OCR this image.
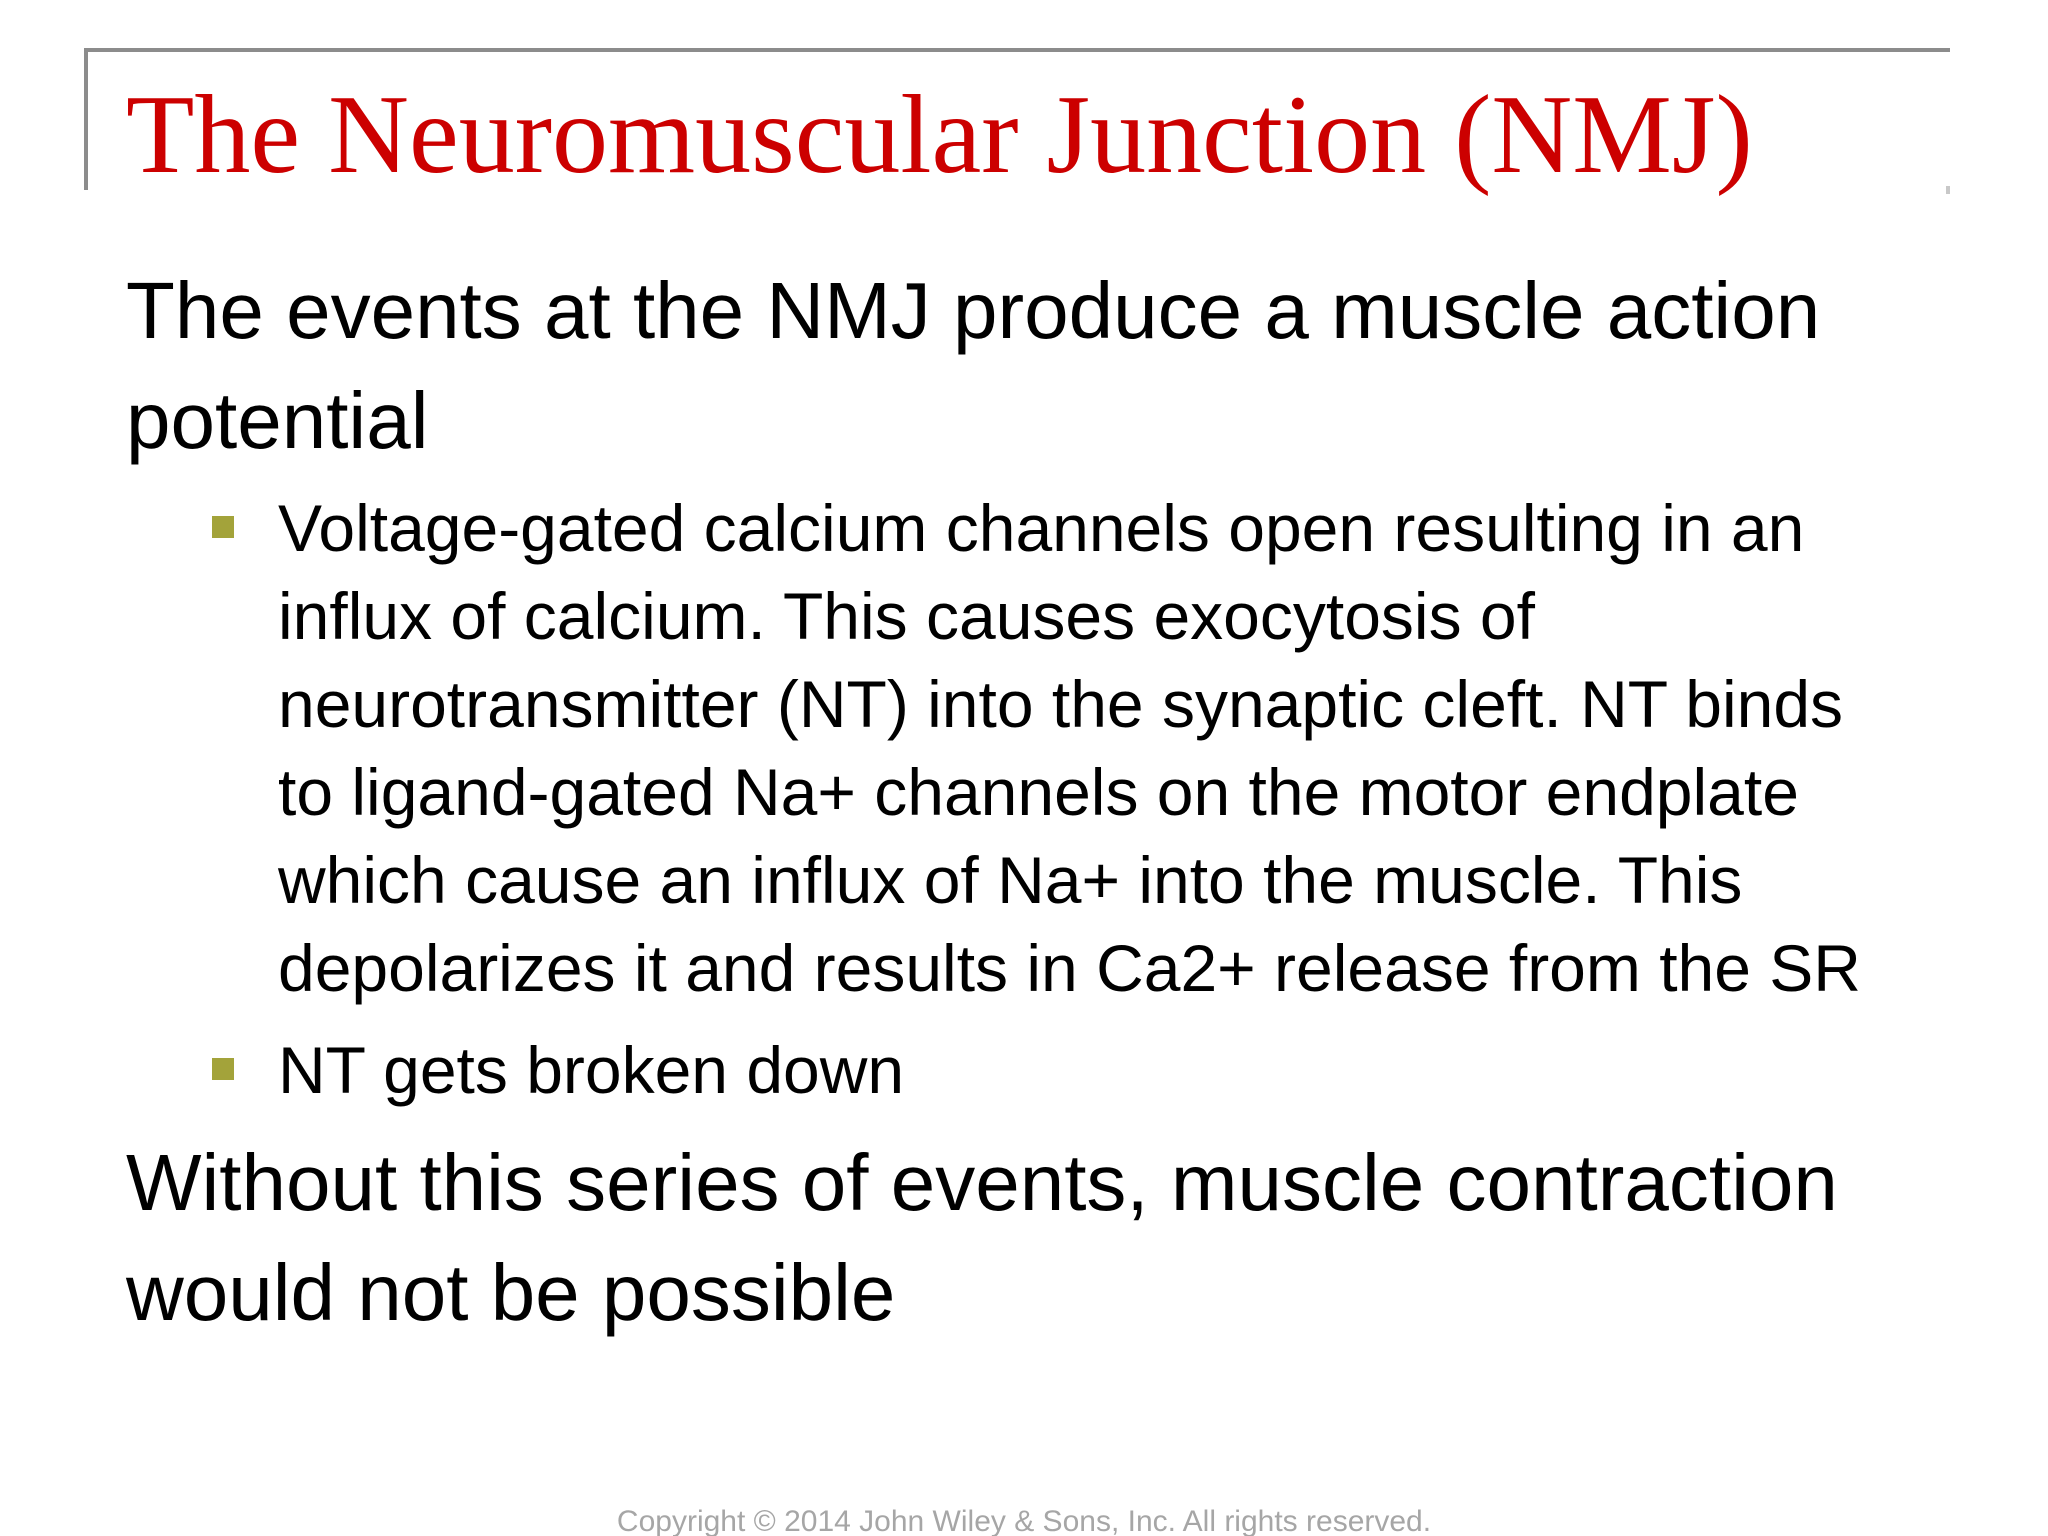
The Neuromuscular Junction (NMJ)

The events at the NMJ produce a muscle action potential

Voltage-gated calcium channels open resulting in an influx of calcium. This causes exocytosis of neurotransmitter (NT) into the synaptic cleft. NT binds to ligand-gated Na+ channels on the motor endplate which cause an influx of Na+ into the muscle. This depolarizes it and results in Ca2+ release from the SR
NT gets broken down

Without this series of events, muscle contraction would not be possible

Copyright © 2014 John Wiley & Sons, Inc. All rights reserved.
